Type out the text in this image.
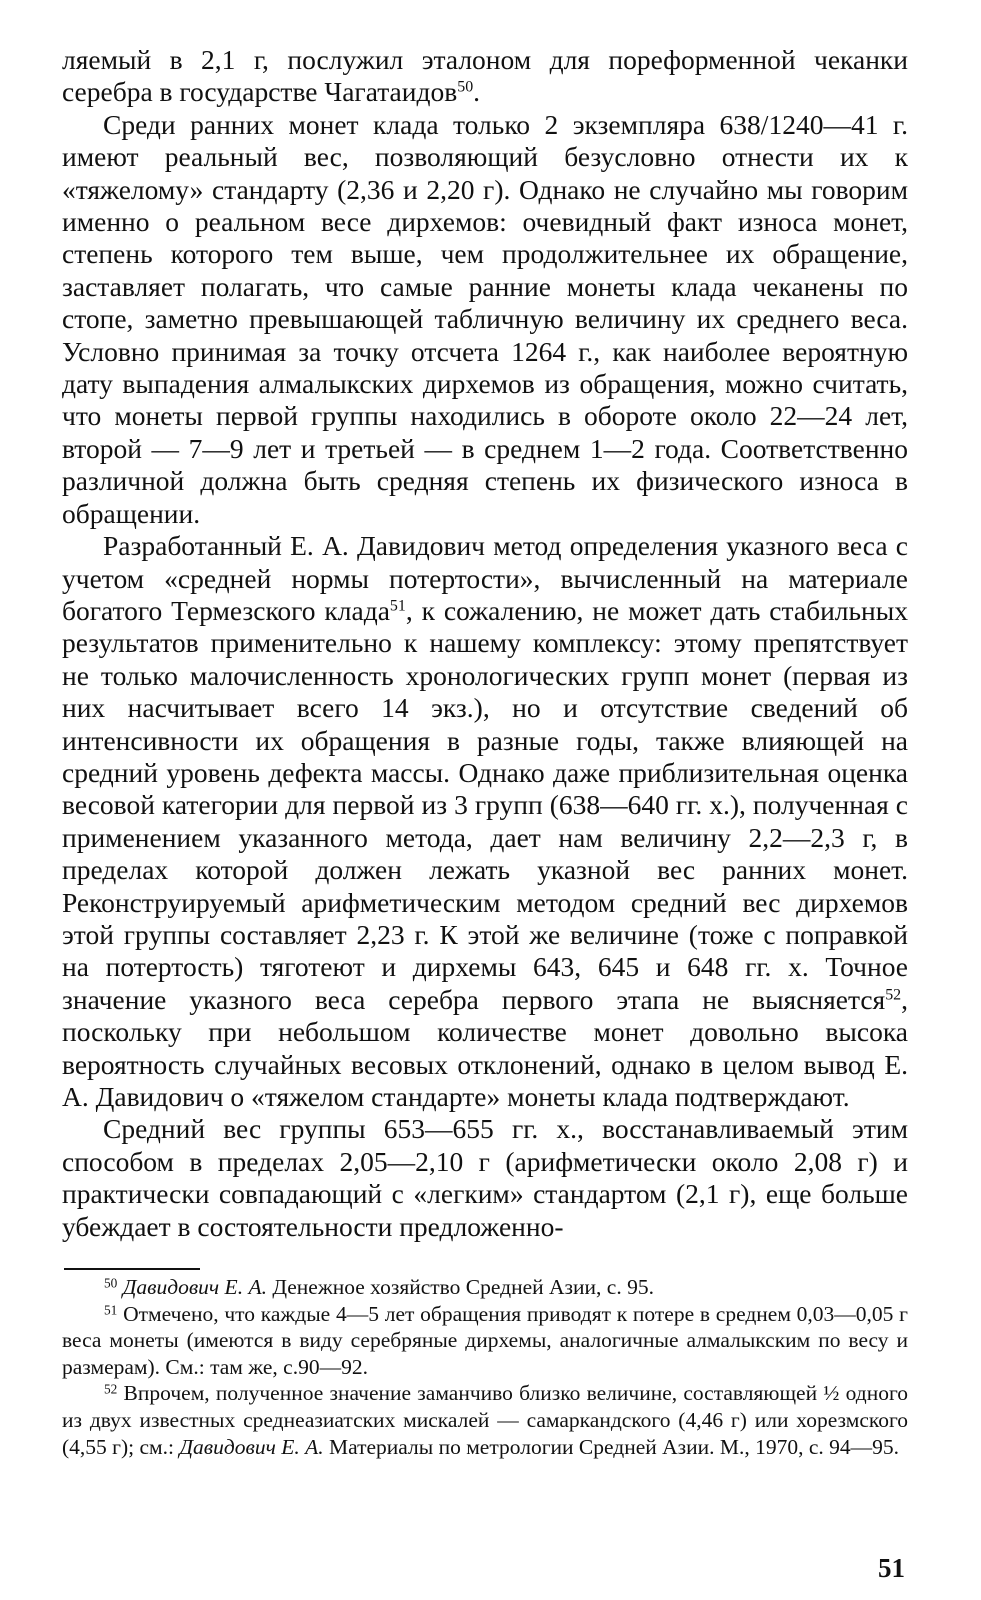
ляемый в 2,1 г, послужил эталоном для пореформенной чеканки серебра в государстве Чагатаидов$^{50}$.

Среди ранних монет клада только 2 экземпляра 638/1240—41 г. имеют реальный вес, позволяющий безусловно отнести их к «тяжелому» стандарту (2,36 и 2,20 г). Однако не случайно мы говорим именно о реальном весе дирхемов: очевидный факт износа монет, степень которого тем выше, чем продолжительнее их обращение, заставляет полагать, что самые ранние монеты клада чеканены по стопе, заметно превышающей табличную величину их среднего веса. Условно принимая за точку отсчета 1264 г., как наиболее вероятную дату выпадения алмалыкских дирхемов из обращения, можно считать, что монеты первой группы находились в обороте около 22—24 лет, второй — 7—9 лет и третьей — в среднем 1—2 года. Соответственно различной должна быть средняя степень их физического износа в обращении.

Разработанный Е. А. Давидович метод определения указного веса с учетом «средней нормы потертости», вычисленный на материале богатого Термезского клада$^{51}$, к сожалению, не может дать стабильных результатов применительно к нашему комплексу: этому препятствует не только малочисленность хронологических групп монет (первая из них насчитывает всего 14 экз.), но и отсутствие сведений об интенсивности их обращения в разные годы, также влияющей на средний уровень дефекта массы. Однако даже приблизительная оценка весовой категории для первой из 3 групп (638—640 гг. х.), полученная с применением указанного метода, дает нам величину 2,2—2,3 г, в пределах которой должен лежать указной вес ранних монет. Реконструируемый арифметическим методом средний вес дирхемов этой группы составляет 2,23 г. К этой же величине (тоже с поправкой на потертость) тяготеют и дирхемы 643, 645 и 648 гг. х. Точное значение указного веса серебра первого этапа не выясняется$^{52}$, поскольку при небольшом количестве монет довольно высока вероятность случайных весовых отклонений, однако в целом вывод Е. А. Давидович о «тяжелом стандарте» монеты клада подтверждают.

Средний вес группы 653—655 гг. х., восстанавливаемый этим способом в пределах 2,05—2,10 г (арифметически около 2,08 г) и практически совпадающий с «легким» стандартом (2,1 г), еще больше убеждает в состоятельности предложенно-

$^{50}$ Давидович Е. А. Денежное хозяйство Средней Азии, с. 95.

$^{51}$ Отмечено, что каждые 4—5 лет обращения приводят к потере в среднем 0,03—0,05 г веса монеты (имеются в виду серебряные дирхемы, аналогичные алмалыкским по весу и размерам). См.: там же, с.90—92.

$^{52}$ Впрочем, полученное значение заманчиво близко величине, составляющей ½ одного из двух известных среднеазиатских мискалей — самаркандского (4,46 г) или хорезмского (4,55 г); см.: Давидович Е. А. Материалы по метрологии Средней Азии. М., 1970, с. 94—95.

51
